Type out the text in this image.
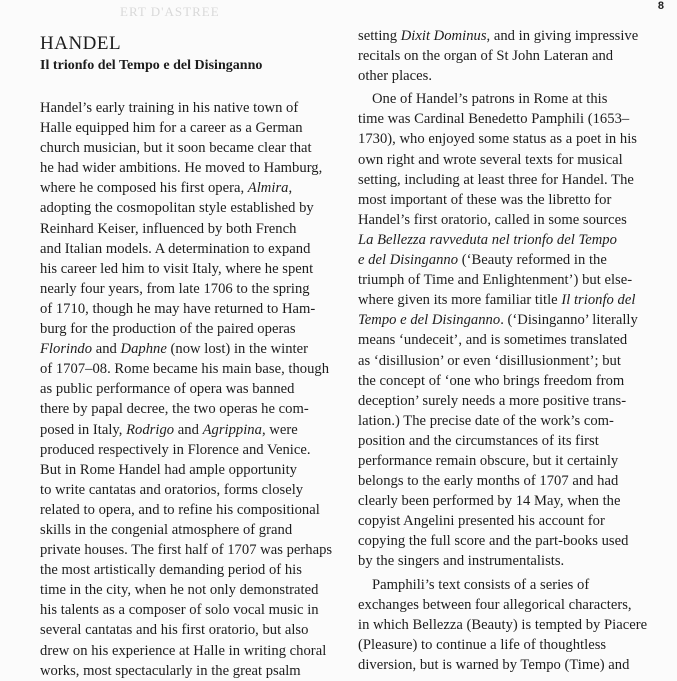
8
ERT D'ASTREE
HANDEL
Il trionfo del Tempo e del Disinganno
Handel’s early training in his native town of
Halle equipped him for a career as a German
church musician, but it soon became clear that
he had wider ambitions. He moved to Hamburg,
where he composed his first opera, Almira,
adopting the cosmopolitan style established by
Reinhard Keiser, influenced by both French
and Italian models. A determination to expand
his career led him to visit Italy, where he spent
nearly four years, from late 1706 to the spring
of 1710, though he may have returned to Ham-
burg for the production of the paired operas
Florindo and Daphne (now lost) in the winter
of 1707–08. Rome became his main base, though
as public performance of opera was banned
there by papal decree, the two operas he com-
posed in Italy, Rodrigo and Agrippina, were
produced respectively in Florence and Venice.
But in Rome Handel had ample opportunity
to write cantatas and oratorios, forms closely
related to opera, and to refine his compositional
skills in the congenial atmosphere of grand
private houses. The first half of 1707 was perhaps
the most artistically demanding period of his
time in the city, when he not only demonstrated
his talents as a composer of solo vocal music in
several cantatas and his first oratorio, but also
drew on his experience at Halle in writing choral
works, most spectacularly in the great psalm
setting Dixit Dominus, and in giving impressive
recitals on the organ of St John Lateran and
other places.
One of Handel’s patrons in Rome at this
time was Cardinal Benedetto Pamphili (1653–
1730), who enjoyed some status as a poet in his
own right and wrote several texts for musical
setting, including at least three for Handel. The
most important of these was the libretto for
Handel’s first oratorio, called in some sources
La Bellezza ravveduta nel trionfo del Tempo
e del Disinganno (‘Beauty reformed in the
triumph of Time and Enlightenment’) but else-
where given its more familiar title Il trionfo del
Tempo e del Disinganno. (‘Disinganno’ literally
means ‘undeceit’, and is sometimes translated
as ‘disillusion’ or even ‘disillusionment’; but
the concept of ‘one who brings freedom from
deception’ surely needs a more positive trans-
lation.) The precise date of the work’s com-
position and the circumstances of its first
performance remain obscure, but it certainly
belongs to the early months of 1707 and had
clearly been performed by 14 May, when the
copyist Angelini presented his account for
copying the full score and the part-books used
by the singers and instrumentalists.
Pamphili’s text consists of a series of
exchanges between four allegorical characters,
in which Bellezza (Beauty) is tempted by Piacere
(Pleasure) to continue a life of thoughtless
diversion, but is warned by Tempo (Time) and
